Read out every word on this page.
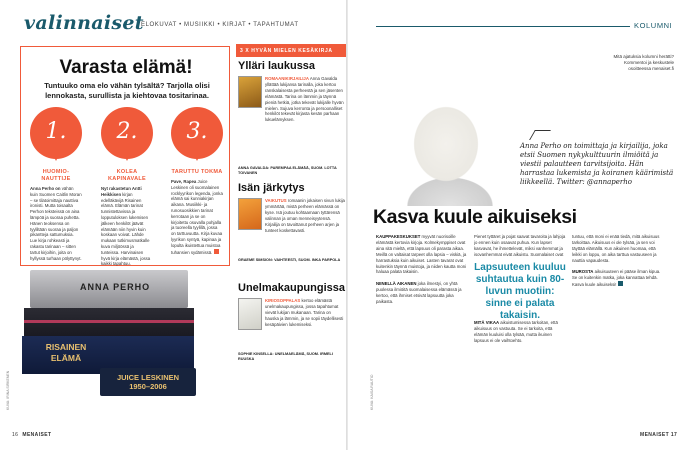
valinnaiset
ELOKUVAT • MUSIIKKI • KIRJAT • TAPAHTUMAT
Varasta elämä!
Tuntuuko oma elo vähän tylsältä? Tarjolla olisi lennokasta, surullista ja kiehtovaa tositarinaa.
1.	2.	3.
HUOMIO-NAUTTIJE
Anna Perho on vähän kuin Suomen Caitlin Moran – se tilatoimittaja nauttiva ironisti. Mutta toisaalta Perhon teksteissä on aina lämpöä ja suoraa puhetta. Hänen teoksensa on tyyliltään suoraa ja paljon pikantteja sattumuksia. Lue kirja rohkeasti ja rakastu tarinaan – sitten tartut kirjoihin, joita on hyllyssä turhaan pölyttynyt.
KOLEA KAPINAVALE
Nyt rakastetun Antti Heikkisen kirjan edelläkävijä Risainen elämä. Elämän tarinat tunnistettavissa ja lopputuloksen lukemisen jälkeen henkilöt jäävät elämään niin hyvin kuin koskaan voivat. Lähde mukaan tutkimusmatkalle kuva miljöössä ja tunteissa. Harvinaisen hyvä kirja elämästä, jossa kaikki tapahtuu.
TARUTTU TOKMA
Pave, Rapea Juice Leskinen oli suomalainen rocklyyrikon legenda, jonka elämä sai kunniakirjan aikana. Musiikki- ja runosuosikkien tarinat kerrotaan ja se on kirjoitettu osuvalla pohjalla ja tuoreella tyylillä, jossa on tarttuvuutta. Kirja kuvaa lyyrikon syntyä, kapinaa ja lopulta ikuistettua muistoa tuhansien sydämissä.
ANNA PERHO
RISAINEN ELÄMÄ
JUICE LESKINEN 1950–2006
KUVA: IRINA SIRKENEN
3 X HYVÄN MIELEN KESÄKIRJA
Ylläri laukussa
ROMAANIKIRJAILIJA Anna Gavalda yllättää lukijansa tarinalla, joka kertoo ranskalaisesta perheestä ja sen jäsenten elämästä. Tarina on lämmin ja täynnä pieniä hetkiä, jotka tekevät lukijalle hyvän mielen. Sujuva kerronta ja persoonalliset henkilöt tekevät kirjasta kesän parhaan lukuelämyksen.
ANNA GAVALDA: PAREMPAA ELÄMÄÄ, SUOM. LOTTA TOIVANEN
Isän järkytys
VAIKUTUS romaanin jokaisen sivun lukija ymmärtää, mistä perheen elämässä on kyse. Isä joutuu kohtaamaan tyttärensä valinnan ja oman menneisyytensä. Kirjailija on tavoittanut perheen arjen ja tunteet koskettavasti.
GRAEME SIMSION: VAIHTEESTI, SUOM. INKA PARPOLA
Unelmakaupungissa
KIRIOSOPPALAS kertoo elämästä unelmakaupungissa, jossa tapahtumat vievät lukijan mukanaan. Tarina on hauska ja lämmin, ja se sopii täydellisesti kesäpäivien lukemiseksi.
SOPHIE KINSELLA: UNELMAELÄMÄ, SUOM. IRMELI RUUSKA
16 MENAISET
KOLUMNI
Mitä ajatuksia kolumni herätti? Kommentoi ja keskustele osoitteessa menaiset.fi
Anna Perho on toimittaja ja kirjailija, joka etsii Suomen nykykulttuurin ilmiöitä ja viestii palautteen tarvitsijoita. Hän harrastaa lukemista ja koiranen käärimistä liikkeellä. Twitter: @annaperho
Kasva kuule aikuiseksi
KAUPPAKESKUKSET myyvät nuorisoille elämästä kertovia kirjoja. Kolmekymppiset ovat aina sitä mieltä, että lapsuus oli parasta aikaa. Meillä on valtaisat tarpeet olla lapsia – viskiä, ja harrastuksia kuin aikuiset. Lasten tavarat ovat kuitenkin täynnä muistoja, ja niiden kautta moni haluaa palata takaisin.

NIINELLÄ AIKANEN joka ilmestyi, on yhtä puolessa ilmiöitä suomalaisessa elämässä ja kertoo, että ihmiset etsivät lapsuutta joka paikasta.
Pienet tyttäret ja pojat saavat tavaroita ja lahjoja jo ennen kuin osaavat puhua. Kun lapset kasvavat, he ihmettelevät, miksi vanhemmat ja isovanhemmat eivät aikuistu. Suomalaiset ovat
Lapsuuteen kuuluu suhtautua kuin 80-luvun muotiin: sinne ei palata takaisin.
MITÄ VIKAA aikuistumisessa tarkoitan, että aikuisuus on vastuuta. Se ei tarkoita, että elämän kuuluisi olla tylsää, mutta ikuinen lapsuus ei ole vaihtoehto.
tuntuu, että moni ei enää tiedä, mitä aikuisuus tarkoittaa. Aikuisuus ei ole tylsää, ja sen voi täyttää elämällä. Kun aikuinen huomaa, että leikki on loppu, on aika tarttua vastuuseen ja nauttia vapaudesta.

MUROSTA aikuisuuteen ei pääse ilman kipua. Se on kuitenkin matka, joka kannattaa tehdä. Kasva kuule aikuiseksi!
KUVA: KAISA RAUTIO
MENAISET 17
